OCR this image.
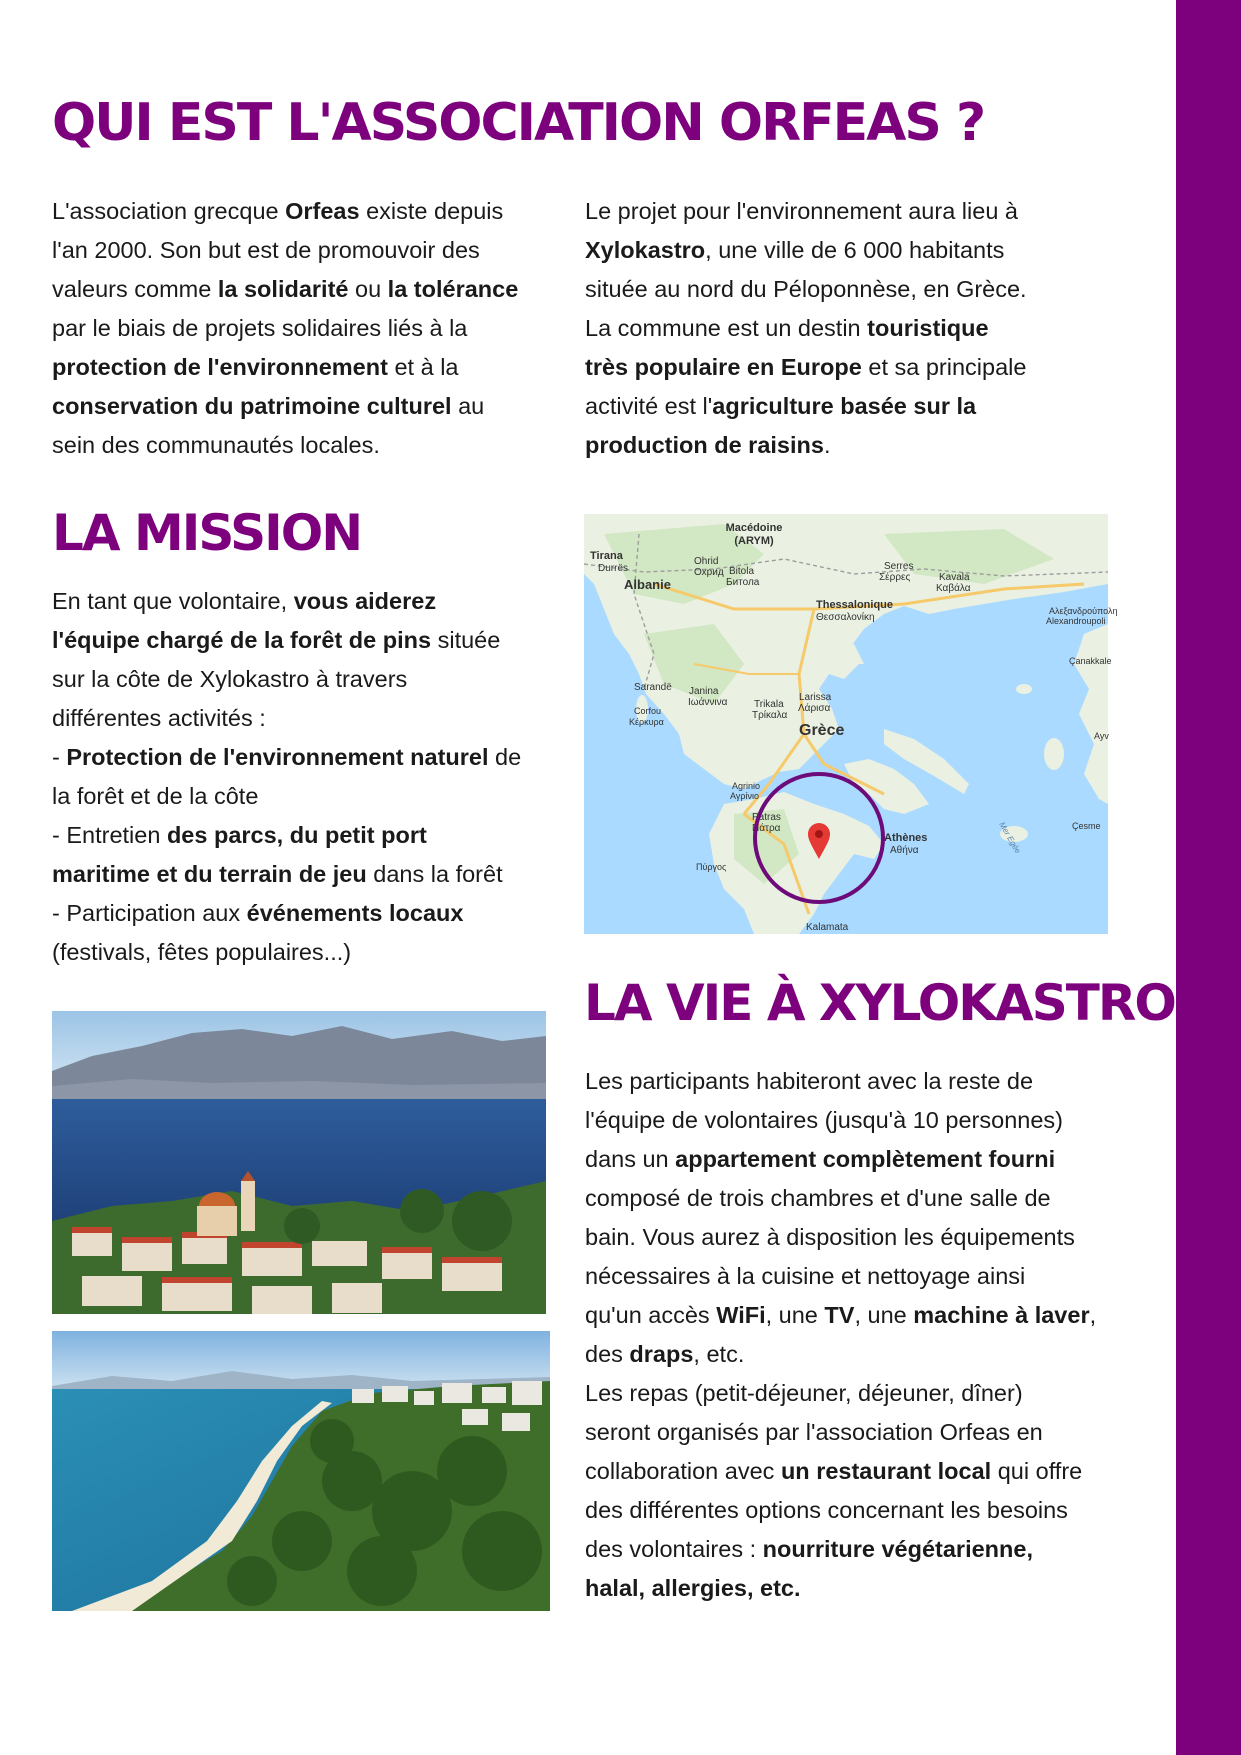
QUI EST L'ASSOCIATION ORFEAS ?
L'association grecque Orfeas existe depuis
l'an 2000. Son but est de promouvoir des
valeurs comme la solidarité ou la tolérance
par le biais de projets solidaires liés à la
protection de l'environnement et à la
conservation du patrimoine culturel au
sein des communautés locales.
Le projet pour l'environnement aura lieu à
Xylokastro, une ville de 6 000 habitants
située au nord du Péloponnèse, en Grèce.
La commune est un destin touristique
très populaire en Europe et sa principale
activité est l'agriculture basée sur la
production de raisins.
LA MISSION
En tant que volontaire, vous aiderez
l'équipe chargé de la forêt de pins située
sur la côte de Xylokastro à travers
différentes activités :
- Protection de l'environnement naturel de
la forêt et de la côte
- Entretien des parcs, du petit port
maritime et du terrain de jeu dans la forêt
- Participation aux événements locaux
(festivals, fêtes populaires...)
Macédoine
(ARYM)
Tirana
Durrës
Albanie
Ohrid
Охрид Bitola
Битола
Serres
Σέρρες	Kavala
Καβάλα
Thessalonique
Θεσσαλονίκη
Αλεξανδρούπολη
Alexandroupoli
Çanakkale
Sarandë Janina
Ιωάννινα	Trikala
Τρίκαλα
Larissa
Λάρισα
Corfou
Κέρκυρα	Grèce
Agrinio
Αγρίνιο
Patras
Πάτρα
Athènes
Αθήνα
Πύργος
Kalamata
Ayv
Çesme
Mer Egée
LA VIE À XYLOKASTRO
Les participants habiteront avec la reste de
l'équipe de volontaires (jusqu'à 10 personnes)
dans un appartement complètement fourni
composé de trois chambres et d'une salle de
bain. Vous aurez à disposition les équipements
nécessaires à la cuisine et nettoyage ainsi
qu'un accès WiFi, une TV, une machine à laver,
des draps, etc.
Les repas (petit-déjeuner, déjeuner, dîner)
seront organisés par l'association Orfeas en
collaboration avec un restaurant local qui offre
des différentes options concernant les besoins
des volontaires : nourriture végétarienne,
halal, allergies, etc.
